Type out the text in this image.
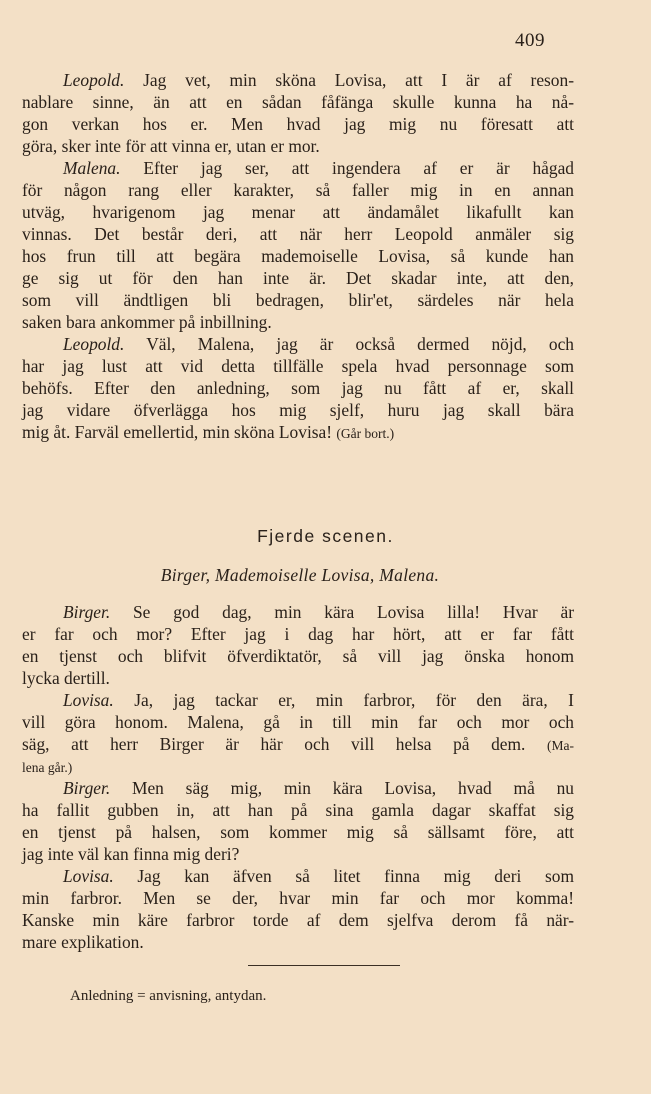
409
Leopold. Jag vet, min sköna Lovisa, att I är af reson-
nablare sinne, än att en sådan fåfänga skulle kunna ha nå-
gon verkan hos er. Men hvad jag mig nu föresatt att
göra, sker inte för att vinna er, utan er mor.
Malena. Efter jag ser, att ingendera af er är hågad
för någon rang eller karakter, så faller mig in en annan
utväg, hvarigenom jag menar att ändamålet likafullt kan
vinnas. Det består deri, att när herr Leopold anmäler sig
hos frun till att begära mademoiselle Lovisa, så kunde han
ge sig ut för den han inte är. Det skadar inte, att den,
som vill ändtligen bli bedragen, blir'et, särdeles när hela
saken bara ankommer på inbillning.
Leopold. Väl, Malena, jag är också dermed nöjd, och
har jag lust att vid detta tillfälle spela hvad personnage som
behöfs. Efter den anledning, som jag nu fått af er, skall
jag vidare öfverlägga hos mig sjelf, huru jag skall bära
mig åt. Farväl emellertid, min sköna Lovisa! (Går bort.)
Fjerde scenen.
Birger, Mademoiselle Lovisa, Malena.
Birger. Se god dag, min kära Lovisa lilla! Hvar är
er far och mor? Efter jag i dag har hört, att er far fått
en tjenst och blifvit öfverdiktatör, så vill jag önska honom
lycka dertill.
Lovisa. Ja, jag tackar er, min farbror, för den ära, I
vill göra honom. Malena, gå in till min far och mor och
säg, att herr Birger är här och vill helsa på dem. (Ma-
lena går.)
Birger. Men säg mig, min kära Lovisa, hvad må nu
ha fallit gubben in, att han på sina gamla dagar skaffat sig
en tjenst på halsen, som kommer mig så sällsamt före, att
jag inte väl kan finna mig deri?
Lovisa. Jag kan äfven så litet finna mig deri som
min farbror. Men se der, hvar min far och mor komma!
Kanske min käre farbror torde af dem sjelfva derom få när-
mare explikation.
Anledning = anvisning, antydan.
